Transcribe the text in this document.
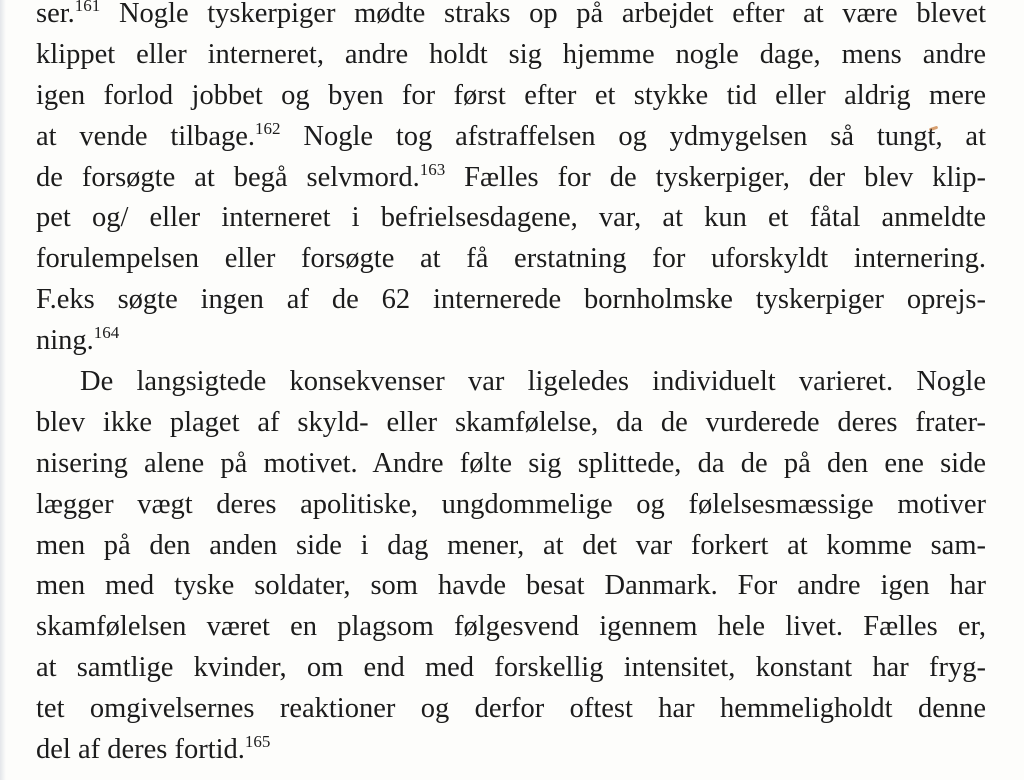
ser.$^{161}$ Nogle tyskerpiger mødte straks op på arbejdet efter at være blevet
klippet eller interneret, andre holdt sig hjemme nogle dage, mens andre
igen forlod jobbet og byen for først efter et stykke tid eller aldrig mere
at vende tilbage.$^{162}$ Nogle tog afstraffelsen og ydmygelsen så tungt, at
de forsøgte at begå selvmord.$^{163}$ Fælles for de tyskerpiger, der blev klip-
pet og/ eller interneret i befrielsesdagene, var, at kun et fåtal anmeldte
forulempelsen eller forsøgte at få erstatning for uforskyldt internering.
F.eks søgte ingen af de 62 internerede bornholmske tyskerpiger oprejs-
ning.$^{164}$
De langsigtede konsekvenser var ligeledes individuelt varieret. Nogle
blev ikke plaget af skyld- eller skamfølelse, da de vurderede deres frater-
nisering alene på motivet. Andre følte sig splittede, da de på den ene side
lægger vægt deres apolitiske, ungdommelige og følelsesmæssige motiver
men på den anden side i dag mener, at det var forkert at komme sam-
men med tyske soldater, som havde besat Danmark. For andre igen har
skamfølelsen været en plagsom følgesvend igennem hele livet. Fælles er,
at samtlige kvinder, om end med forskellig intensitet, konstant har fryg-
tet omgivelsernes reaktioner og derfor oftest har hemmeligholdt denne
del af deres fortid.$^{165}$
